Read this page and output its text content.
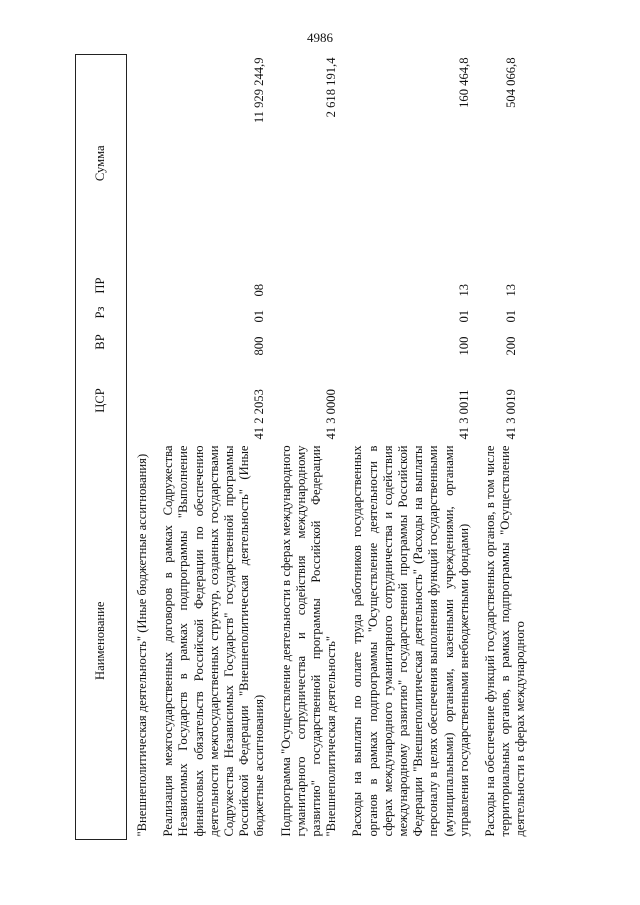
4986
Наименование	ЦСР	ВР	Рз	ПР	Сумма
"Внешнеполитическая деятельность" (Иные бюджетные ассигнования)					
Реализация межгосударственных договоров в рамках Содружества Независимых Государств в рамках подпрограммы "Выполнение финансовых обязательств Российской Федерации по обеспечению деятельности межгосударственных структур, созданных государствами Содружества Независимых Государств" государственной программы Российской Федерации "Внешнеполитическая деятельность" (Иные бюджетные ассигнования)	41 2 2053	800	01	08	11 929 244,9
Подпрограмма "Осуществление деятельности в сферах международного гуманитарного сотрудничества и содействия международному развитию" государственной программы Российской Федерации "Внешнеполитическая деятельность"	41 3 0000				2 618 191,4
Расходы на выплаты по оплате труда работников государственных органов в рамках подпрограммы "Осуществление деятельности в сферах международного гуманитарного сотрудничества и содействия международному развитию" государственной программы Российской Федерации "Внешнеполитическая деятельность" (Расходы на выплаты персоналу в целях обеспечения выполнения функций государственными (муниципальными) органами, казенными учреждениями, органами управления государственными внебюджетными фондами)	41 3 0011	100	01	13	160 464,8
Расходы на обеспечение функций государственных органов, в том числе территориальных органов, в рамках подпрограммы "Осуществление деятельности в сферах международного	41 3 0019	200	01	13	504 066,8
